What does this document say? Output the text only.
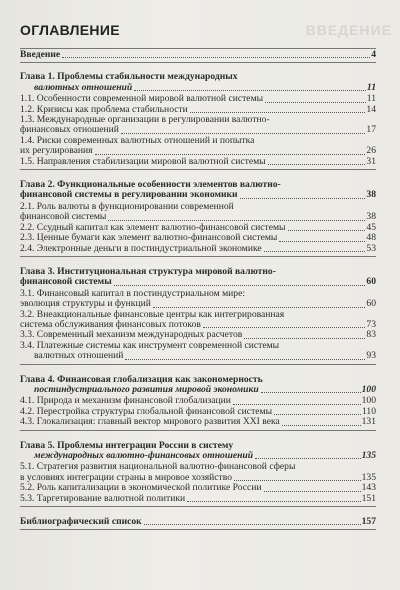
ВВЕДЕНИЕ
ОГЛАВЛЕНИЕ
Введение	4
Глава 1. Проблемы стабильности международных
валютных отношений	11
1.1. Особенности современной мировой валютной системы	11
1.2. Кризисы как проблема стабильности	14
1.3. Международные организации в регулировании валютно-
финансовых отношений	17
1.4. Риски современных валютных отношений и попытка
их регулирования	26
1.5. Направления стабилизации мировой валютной системы	31
Глава 2. Функциональные особенности элементов валютно-
финансовой системы в регулировании экономики	38
2.1. Роль валюты в функционировании современной
финансовой системы	38
2.2. Ссудный капитал как элемент валютно-финансовой системы	45
2.3. Ценные бумаги как элемент валютно-финансовой системы	48
2.4. Электронные деньги в постиндустриальной экономике	53
Глава 3. Институциональная структура мировой валютно-
финансовой системы	60
3.1. Финансовый капитал в постиндустриальном мире:
эволюция структуры и функций	60
3.2. Внеакциональные финансовые центры как интегрированная
система обслуживания финансовых потоков	73
3.3. Современный механизм международных расчетов	83
3.4. Платежные системы как инструмент современной системы
валютных отношений	93
Глава 4. Финансовая глобализация как закономерность
постиндустриального развития мировой экономики	100
4.1. Природа и механизм финансовой глобализации	100
4.2. Перестройка структуры глобальной финансовой системы	110
4.3. Глокализация: главный вектор мирового развития XXI века	131
Глава 5. Проблемы интеграции России в систему
международных валютно-финансовых отношений	135
5.1. Стратегия развития национальной валютно-финансовой сферы
в условиях интеграции страны в мировое хозяйство	135
5.2. Роль капитализации в экономической политике России	143
5.3. Таргетирование валютной политики	151
Библиографический список	157
